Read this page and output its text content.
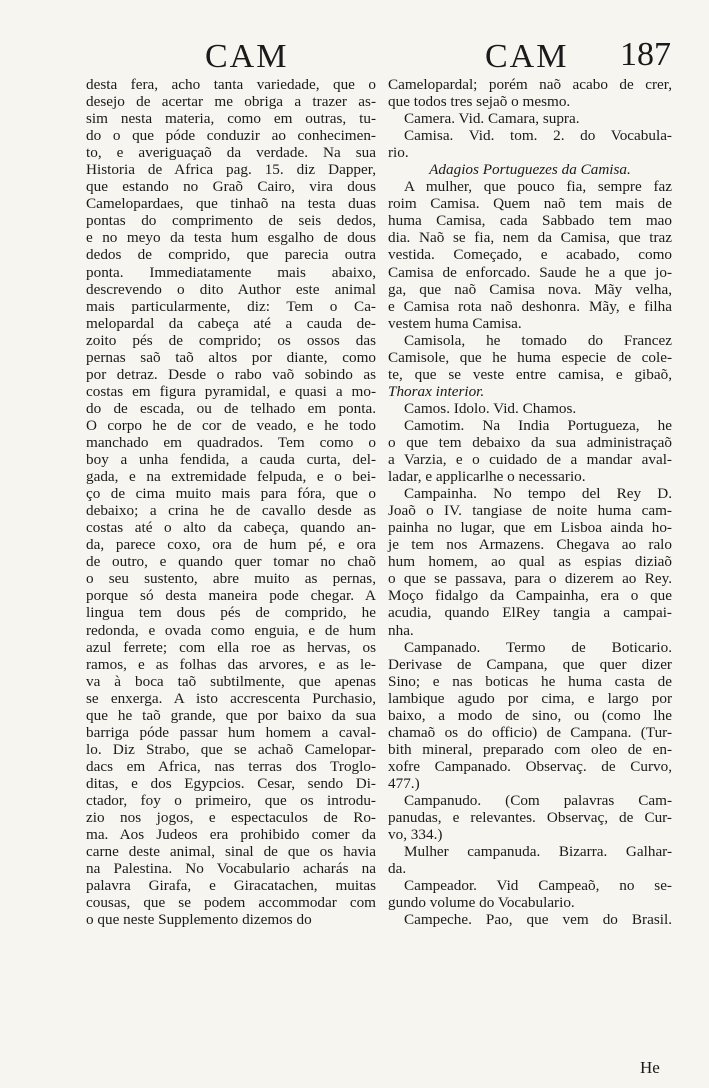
CAM	CAM 187
desta fera, acho tanta variedade, que o
desejo de acertar me obriga a trazer as-
sim nesta materia, como em outras, tu-
do o que póde conduzir ao conhecimen-
to, e averiguaçaõ da verdade. Na sua
Historia de Africa pag. 15. diz Dapper,
que estando no Graõ Cairo, vira dous
Camelopardaes, que tinhaõ na testa duas
pontas do comprimento de seis dedos,
e no meyo da testa hum esgalho de dous
dedos de comprido, que parecia outra
ponta. Immediatamente mais abaixo,
descrevendo o dito Author este animal
mais particularmente, diz: Tem o Ca-
melopardal da cabeça até a cauda de-
zoito pés de comprido; os ossos das
pernas saõ taõ altos por diante, como
por detraz. Desde o rabo vaõ sobindo as
costas em figura pyramidal, e quasi a mo-
do de escada, ou de telhado em ponta.
O corpo he de cor de veado, e he todo
manchado em quadrados. Tem como o
boy a unha fendida, a cauda curta, del-
gada, e na extremidade felpuda, e o bei-
ço de cima muito mais para fóra, que o
debaixo; a crina he de cavallo desde as
costas até o alto da cabeça, quando an-
da, parece coxo, ora de hum pé, e ora
de outro, e quando quer tomar no chaõ
o seu sustento, abre muito as pernas,
porque só desta maneira pode chegar. A
lingua tem dous pés de comprido, he
redonda, e ovada como enguia, e de hum
azul ferrete; com ella roe as hervas, os
ramos, e as folhas das arvores, e as le-
va à boca taõ subtilmente, que apenas
se enxerga. A isto accrescenta Purchasio,
que he taõ grande, que por baixo da sua
barriga póde passar hum homem a caval-
lo. Diz Strabo, que se achaõ Camelopar-
dacs em Africa, nas terras dos Troglo-
ditas, e dos Egypcios. Cesar, sendo Di-
ctador, foy o primeiro, que os introdu-
zio nos jogos, e espectaculos de Ro-
ma. Aos Judeos era prohibido comer da
carne deste animal, sinal de que os havia
na Palestina. No Vocabulario acharás na
palavra Girafa, e Giracatachen, muitas
cousas, que se podem accommodar com
o que neste Supplemento dizemos do
Camelopardal; porém naõ acabo de crer,
que todos tres sejaõ o mesmo.
Camera. Vid. Camara, supra.
Camisa. Vid. tom. 2. do Vocabula-
rio.
Adagios Portuguezes da Camisa.
A mulher, que pouco fia, sempre faz
roim Camisa. Quem naõ tem mais de
huma Camisa, cada Sabbado tem mao
dia. Naõ se fia, nem da Camisa, que traz
vestida. Começado, e acabado, como
Camisa de enforcado. Saude he a que jo-
ga, que naõ Camisa nova. Mãy velha,
e Camisa rota naõ deshonra. Mãy, e filha
vestem huma Camisa.
Camisola, he tomado do Francez
Camisole, que he huma especie de cole-
te, que se veste entre camisa, e gibaõ,
Thorax interior.
Camos. Idolo. Vid. Chamos.
Camotim. Na India Portugueza, he
o que tem debaixo da sua administraçaõ
a Varzia, e o cuidado de a mandar aval-
ladar, e applicarlhe o necessario.
Campainha. No tempo del Rey D.
Joaõ o IV. tangiase de noite huma cam-
painha no lugar, que em Lisboa ainda ho-
je tem nos Armazens. Chegava ao ralo
hum homem, ao qual as espias diziaõ
o que se passava, para o dizerem ao Rey.
Moço fidalgo da Campainha, era o que
acudia, quando ElRey tangia a campai-
nha.
Campanado. Termo de Boticario.
Derivase de Campana, que quer dizer
Sino; e nas boticas he huma casta de
lambique agudo por cima, e largo por
baixo, a modo de sino, ou (como lhe
chamaõ os do officio) de Campana. (Tur-
bith mineral, preparado com oleo de en-
xofre Campanado. Observaç. de Curvo,
477.)
Campanudo. (Com palavras Cam-
panudas, e relevantes. Observaç, de Cur-
vo, 334.)
Mulher campanuda. Bizarra. Galhar-
da.
Campeador. Vid Campeaõ, no se-
gundo volume do Vocabulario.
Campeche. Pao, que vem do Brasil.
He
